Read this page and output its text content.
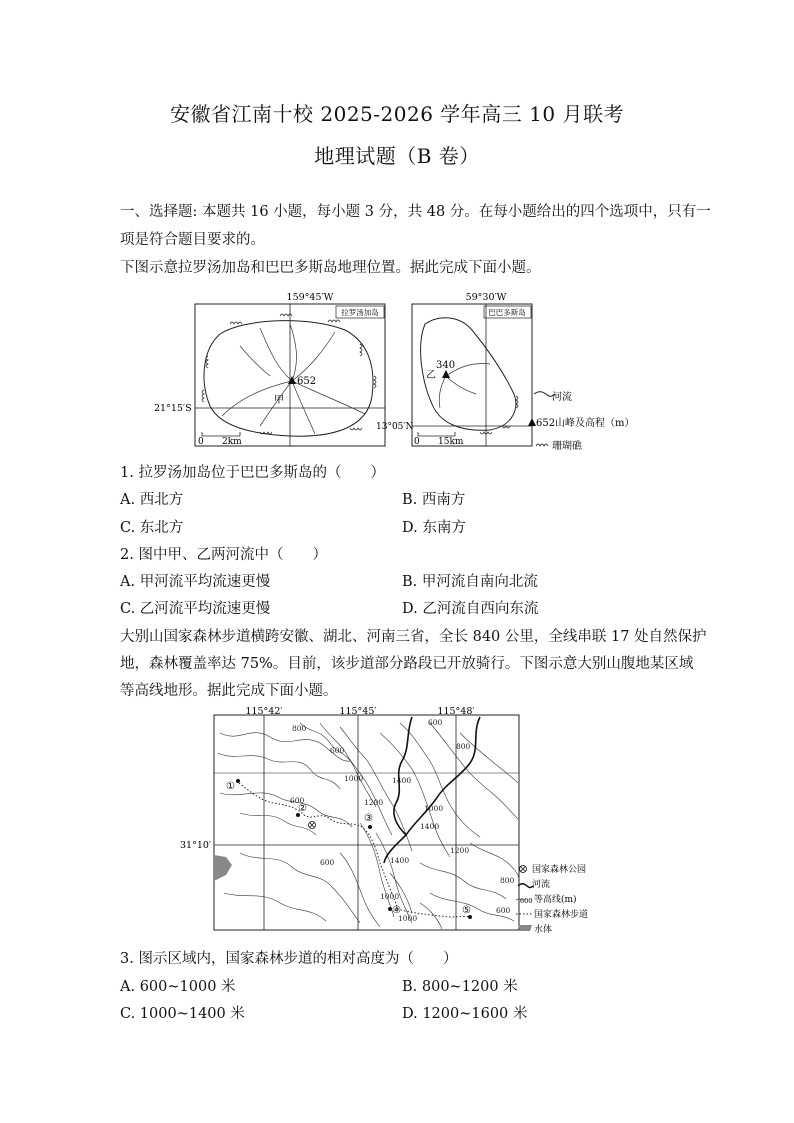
安徽省江南十校 2025-2026 学年高三 10 月联考
地理试题（B 卷）
一、选择题: 本题共 16 小题，每小题 3 分，共 48 分。在每小题给出的四个选项中，只有一
项是符合题目要求的。
下图示意拉罗汤加岛和巴巴多斯岛地理位置。据此完成下面小题。
159°45′W
拉罗汤加岛
21°15′S
652
甲
0 2km
59°30′W
巴巴多斯岛
13°05′N
340
乙
0 15km
河流
652 山峰及高程（m）
珊瑚礁
1. 拉罗汤加岛位于巴巴多斯岛的（　　）
A. 西北方	B. 西南方
C. 东北方	D. 东南方
2. 图中甲、乙两河流中（　　）
A. 甲河流平均流速更慢	B. 甲河流自南向北流
C. 乙河流平均流速更慢	D. 乙河流自西向东流
大别山国家森林步道横跨安徽、湖北、河南三省，全长 840 公里，全线串联 17 处自然保护
地，森林覆盖率达 75%。目前，该步道部分路段已开放骑行。下图示意大别山腹地某区域
等高线地形。据此完成下面小题。
115°42′	115°45′	115°48′
31°10′
①
②
③
④	⑤
800
600
1000
600	1200
1400
1400
1200
1000
800
600
600
1000
800
1400
600
1000
国家森林公园
河流
600 等高线(m)
国家森林步道
水体
3. 图示区域内，国家森林步道的相对高度为（　　）
A. 600~1000 米	B. 800~1200 米
C. 1000~1400 米	D. 1200~1600 米
